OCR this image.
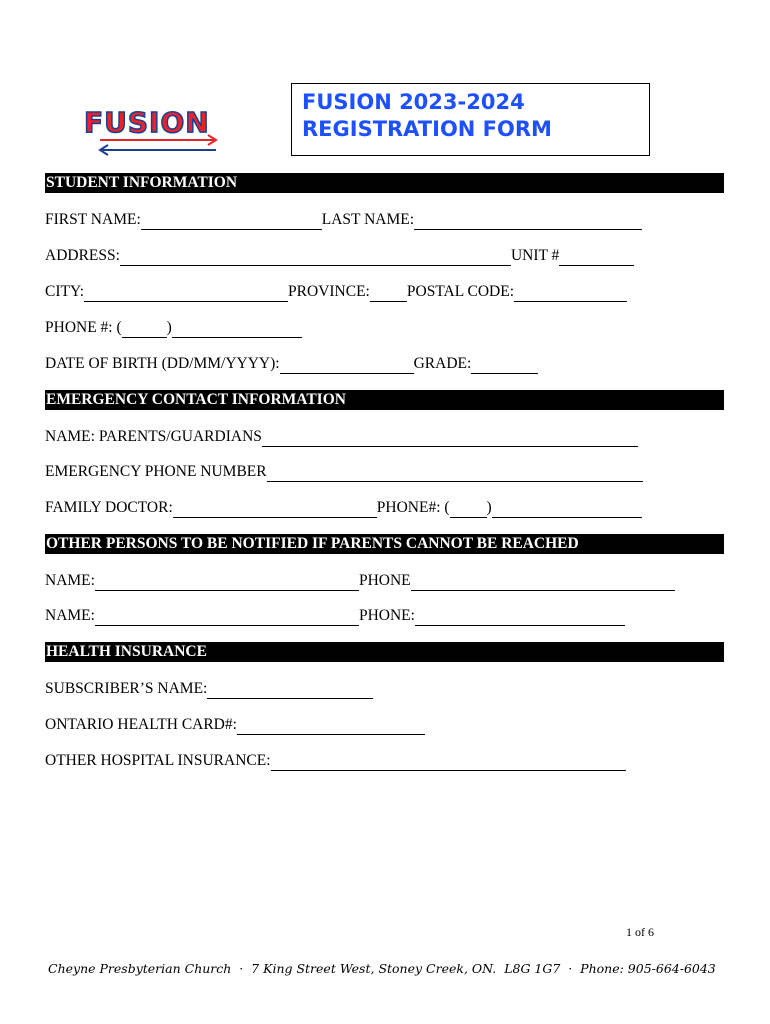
FUSION
FUSION 2023-2024
REGISTRATION FORM
STUDENT INFORMATION
FIRST NAME:	LAST NAME:
ADDRESS:	UNIT #
CITY:	PROVINCE:POSTAL CODE:
PHONE #: (	)
DATE OF BIRTH (DD/MM/YYYY):	GRADE:
EMERGENCY CONTACT INFORMATION
NAME: PARENTS/GUARDIANS
EMERGENCY PHONE NUMBER
FAMILY DOCTOR:	PHONE#: ( )
OTHER PERSONS TO BE NOTIFIED IF PARENTS CANNOT BE REACHED
NAME:	PHONE
NAME:	PHONE:
HEALTH INSURANCE
SUBSCRIBER’S NAME:
ONTARIO HEALTH CARD#:
OTHER HOSPITAL INSURANCE:
1 of 6
Cheyne Presbyterian Church  ·  7 King Street West, Stoney Creek, ON.  L8G 1G7  ·  Phone: 905-664-6043
